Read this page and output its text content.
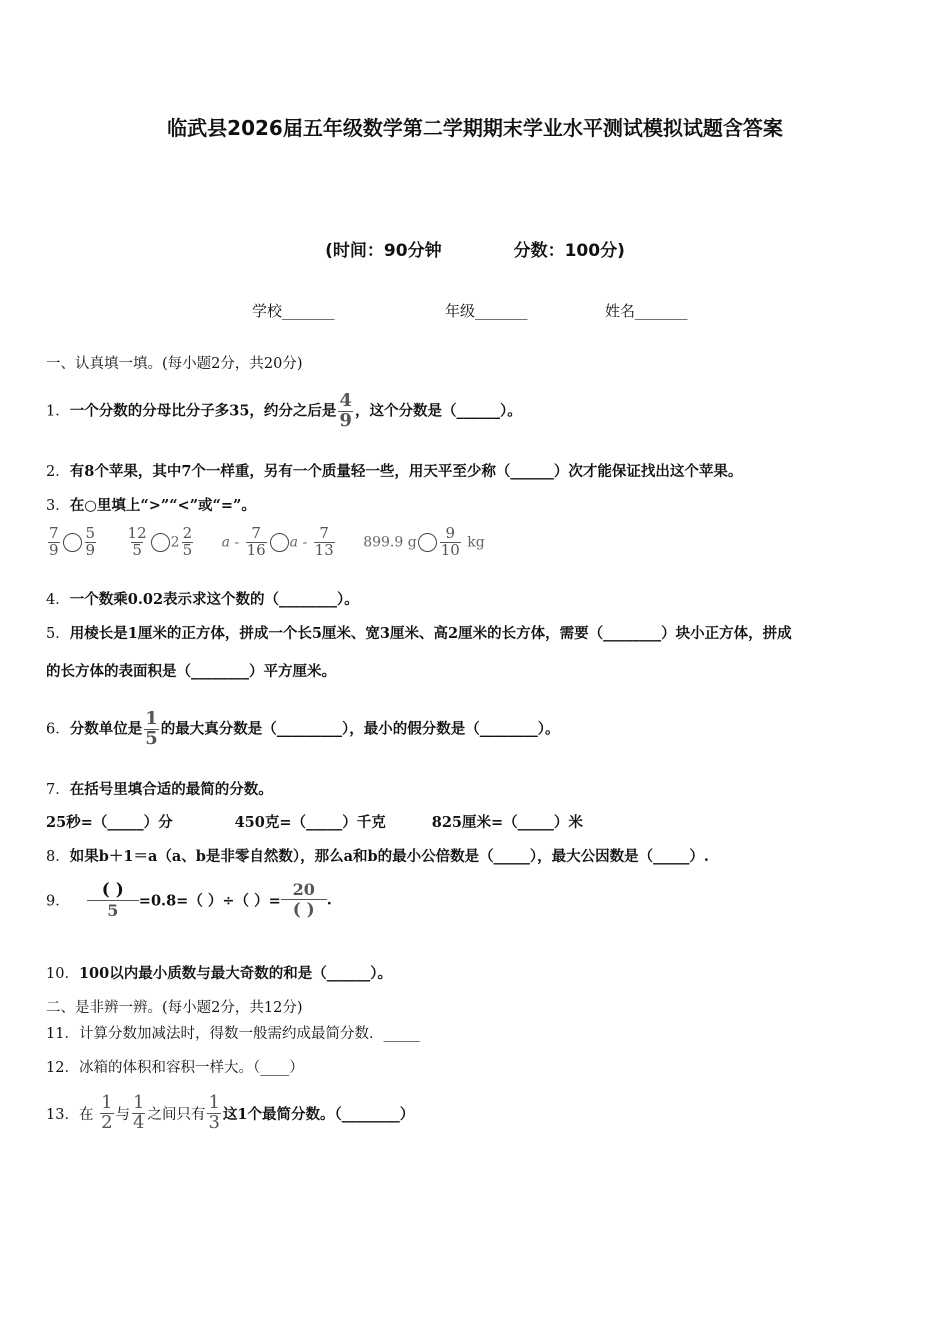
临武县2026届五年级数学第二学期期末学业水平测试模拟试题含答案
(时间：90分钟	分数：100分)
学校_______	年级_______	姓名_______
一、认真填一填。(每小题2分，共20分)
1．一个分数的分母比分子多35，约分之后是 $\frac{4}{9}$ ，这个分数是（______）。
2．有8个苹果，其中7个一样重，另有一个质量轻一些，用天平至少称（______）次才能保证找出这个苹果。
3．在○里填上“>”“<”或“=”。
$\frac{7}{9} \frac{5}{9}$
$\frac{12}{5} 2 \frac{2}{5}$ a - $\frac{7}{16}$ a - $\frac{7}{13} 899.9$ g $\frac{9}{10}$ kg
4．一个数乘0.02表示求这个数的（________）。
5．用棱长是1厘米的正方体，拼成一个长5厘米、宽3厘米、高2厘米的长方体，需要（________）块小正方体，拼成
的长方体的表面积是（________）平方厘米。
6．分数单位是 $\frac{1}{5}$ 的最大真分数是（_________），最小的假分数是（________）。
7．在括号里填合适的最简的分数。
25秒=（_____）分	450克=（_____）千克	825厘米=（_____）米
8．如果b＋1＝a（a、b是非零自然数），那么a和b的最小公倍数是（_____），最大公因数是（_____）.
9．
( )
5	=0.8=（ ）÷（ ）=
20
( ) .
10．100以内最小质数与最大奇数的和是（______）。
二、是非辨一辨。(每小题2分，共12分)
11．计算分数加减法时，得数一般需约成最简分数．_____
12．冰箱的体积和容积一样大。（____）
13．在 $\frac{1}{2}$ 与 $\frac{1}{4}$ 之间只有 $\frac{1}{3}$ 这1个最简分数。（________）
